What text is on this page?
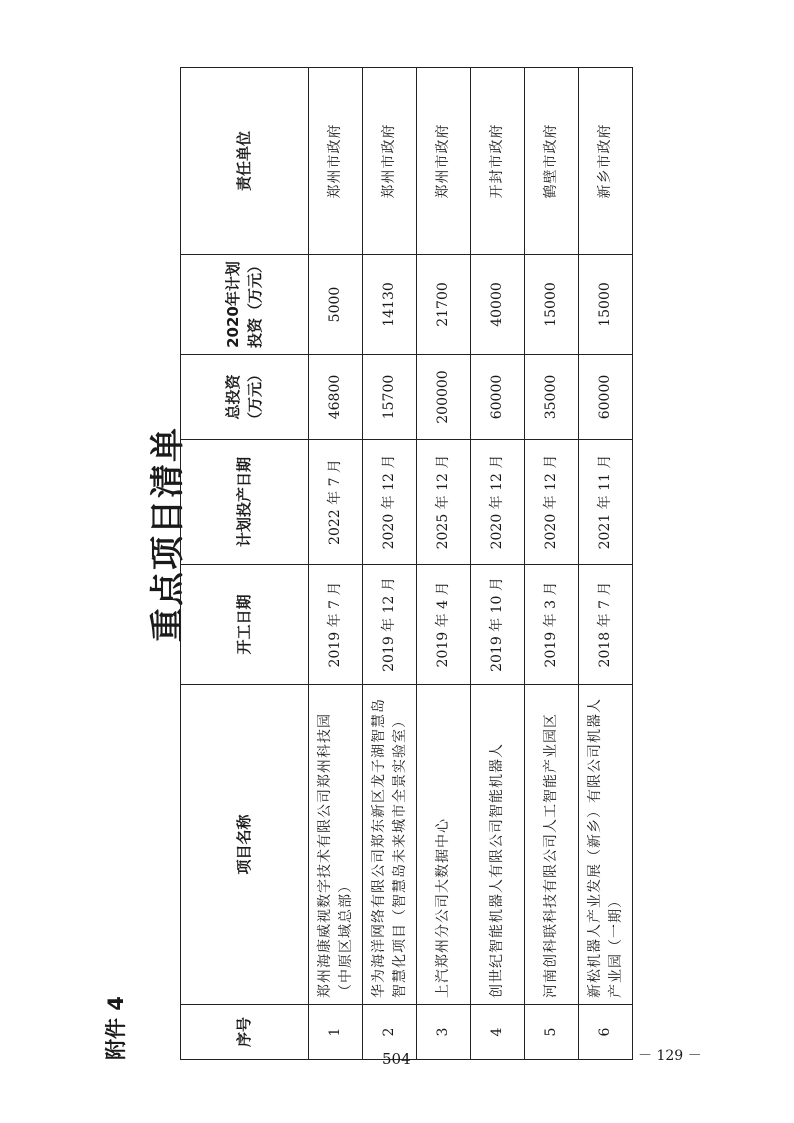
附件 4
重点项目清单
序号	项目名称	开工日期	计划投产日期	总投资（万元）	2020年计划投资（万元）	责任单位
1	郑州海康威视数字技术有限公司郑州科技园（中原区域总部）	2019 年 7 月	2022 年 7 月	46800	5000	郑州市政府
2	华为海洋网络有限公司郑东新区龙子湖智慧岛智慧化项目（智慧岛未来城市全景实验室）	2019 年 12 月	2020 年 12 月	15700	14130	郑州市政府
3	上汽郑州分公司大数据中心	2019 年 4 月	2025 年 12 月	200000	21700	郑州市政府
4	创世纪智能机器人有限公司智能机器人	2019 年 10 月	2020 年 12 月	60000	40000	开封市政府
5	河南创科联科技有限公司人工智能产业园区	2019 年 3 月	2020 年 12 月	35000	15000	鹤壁市政府
6	新松机器人产业发展（新乡）有限公司机器人产业园（一期）	2018 年 7 月	2021 年 11 月	60000	15000	新乡市政府
504	－ 129 －
